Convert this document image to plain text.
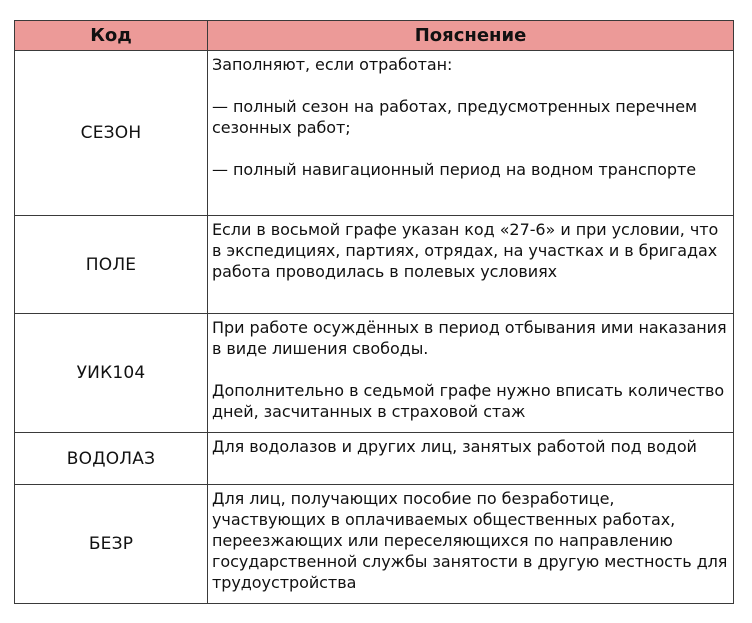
Код	Пояснение
СЕЗОН	Заполняют, если отработан:

— полный сезон на работах, предусмотренных перечнем сезонных работ;

— полный навигационный период на водном транспорте

ПОЛЕ	Если в восьмой графе указан код «27-6» и при условии, что в экспедициях, партиях, отрядах, на участках и в бригадах работа проводилась в полевых условиях

УИК104	При работе осуждённых в период отбывания ими наказания в виде лишения свободы.

Дополнительно в седьмой графе нужно вписать количество дней, засчитанных в страховой стаж

ВОДОЛАЗ	Для водолазов и других лиц, занятых работой под водой

БЕЗР	Для лиц, получающих пособие по безработице, участвующих в оплачиваемых общественных работах, переезжающих или переселяющихся по направлению государственной службы занятости в другую местность для трудоустройства
